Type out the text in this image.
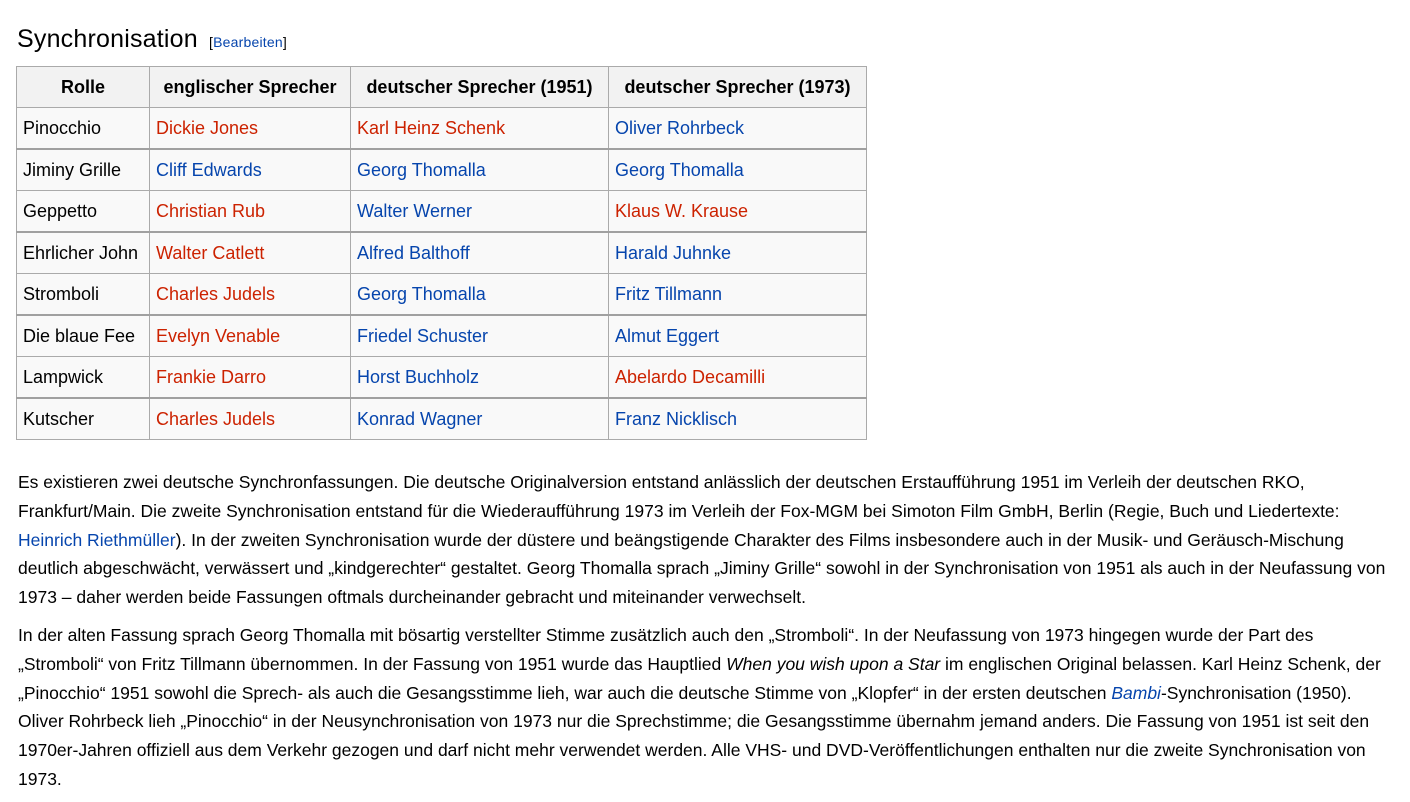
Synchronisation [Bearbeiten]
Rolle	englischer Sprecher	deutscher Sprecher (1951)	deutscher Sprecher (1973)
Pinocchio	Dickie Jones	Karl Heinz Schenk	Oliver Rohrbeck
Jiminy Grille	Cliff Edwards	Georg Thomalla	Georg Thomalla
Geppetto	Christian Rub	Walter Werner	Klaus W. Krause
Ehrlicher John	Walter Catlett	Alfred Balthoff	Harald Juhnke
Stromboli	Charles Judels	Georg Thomalla	Fritz Tillmann
Die blaue Fee	Evelyn Venable	Friedel Schuster	Almut Eggert
Lampwick	Frankie Darro	Horst Buchholz	Abelardo Decamilli
Kutscher	Charles Judels	Konrad Wagner	Franz Nicklisch

Es existieren zwei deutsche Synchronfassungen. Die deutsche Originalversion entstand anlässlich der deutschen Erstaufführung 1951 im Verleih der deutschen RKO, Frankfurt/Main. Die zweite Synchronisation entstand für die Wiederaufführung 1973 im Verleih der Fox-MGM bei Simoton Film GmbH, Berlin (Regie, Buch und Liedertexte: Heinrich Riethmüller). In der zweiten Synchronisation wurde der düstere und beängstigende Charakter des Films insbesondere auch in der Musik- und Geräusch-Mischung deutlich abgeschwächt, verwässert und „kindgerechter“ gestaltet. Georg Thomalla sprach „Jiminy Grille“ sowohl in der Synchronisation von 1951 als auch in der Neufassung von 1973 – daher werden beide Fassungen oftmals durcheinander gebracht und miteinander verwechselt.

In der alten Fassung sprach Georg Thomalla mit bösartig verstellter Stimme zusätzlich auch den „Stromboli“. In der Neufassung von 1973 hingegen wurde der Part des „Stromboli“ von Fritz Tillmann übernommen. In der Fassung von 1951 wurde das Hauptlied When you wish upon a Star im englischen Original belassen. Karl Heinz Schenk, der „Pinocchio“ 1951 sowohl die Sprech- als auch die Gesangsstimme lieh, war auch die deutsche Stimme von „Klopfer“ in der ersten deutschen Bambi-Synchronisation (1950). Oliver Rohrbeck lieh „Pinocchio“ in der Neusynchronisation von 1973 nur die Sprechstimme; die Gesangsstimme übernahm jemand anders. Die Fassung von 1951 ist seit den 1970er-Jahren offiziell aus dem Verkehr gezogen und darf nicht mehr verwendet werden. Alle VHS- und DVD-Veröffentlichungen enthalten nur die zweite Synchronisation von 1973.
